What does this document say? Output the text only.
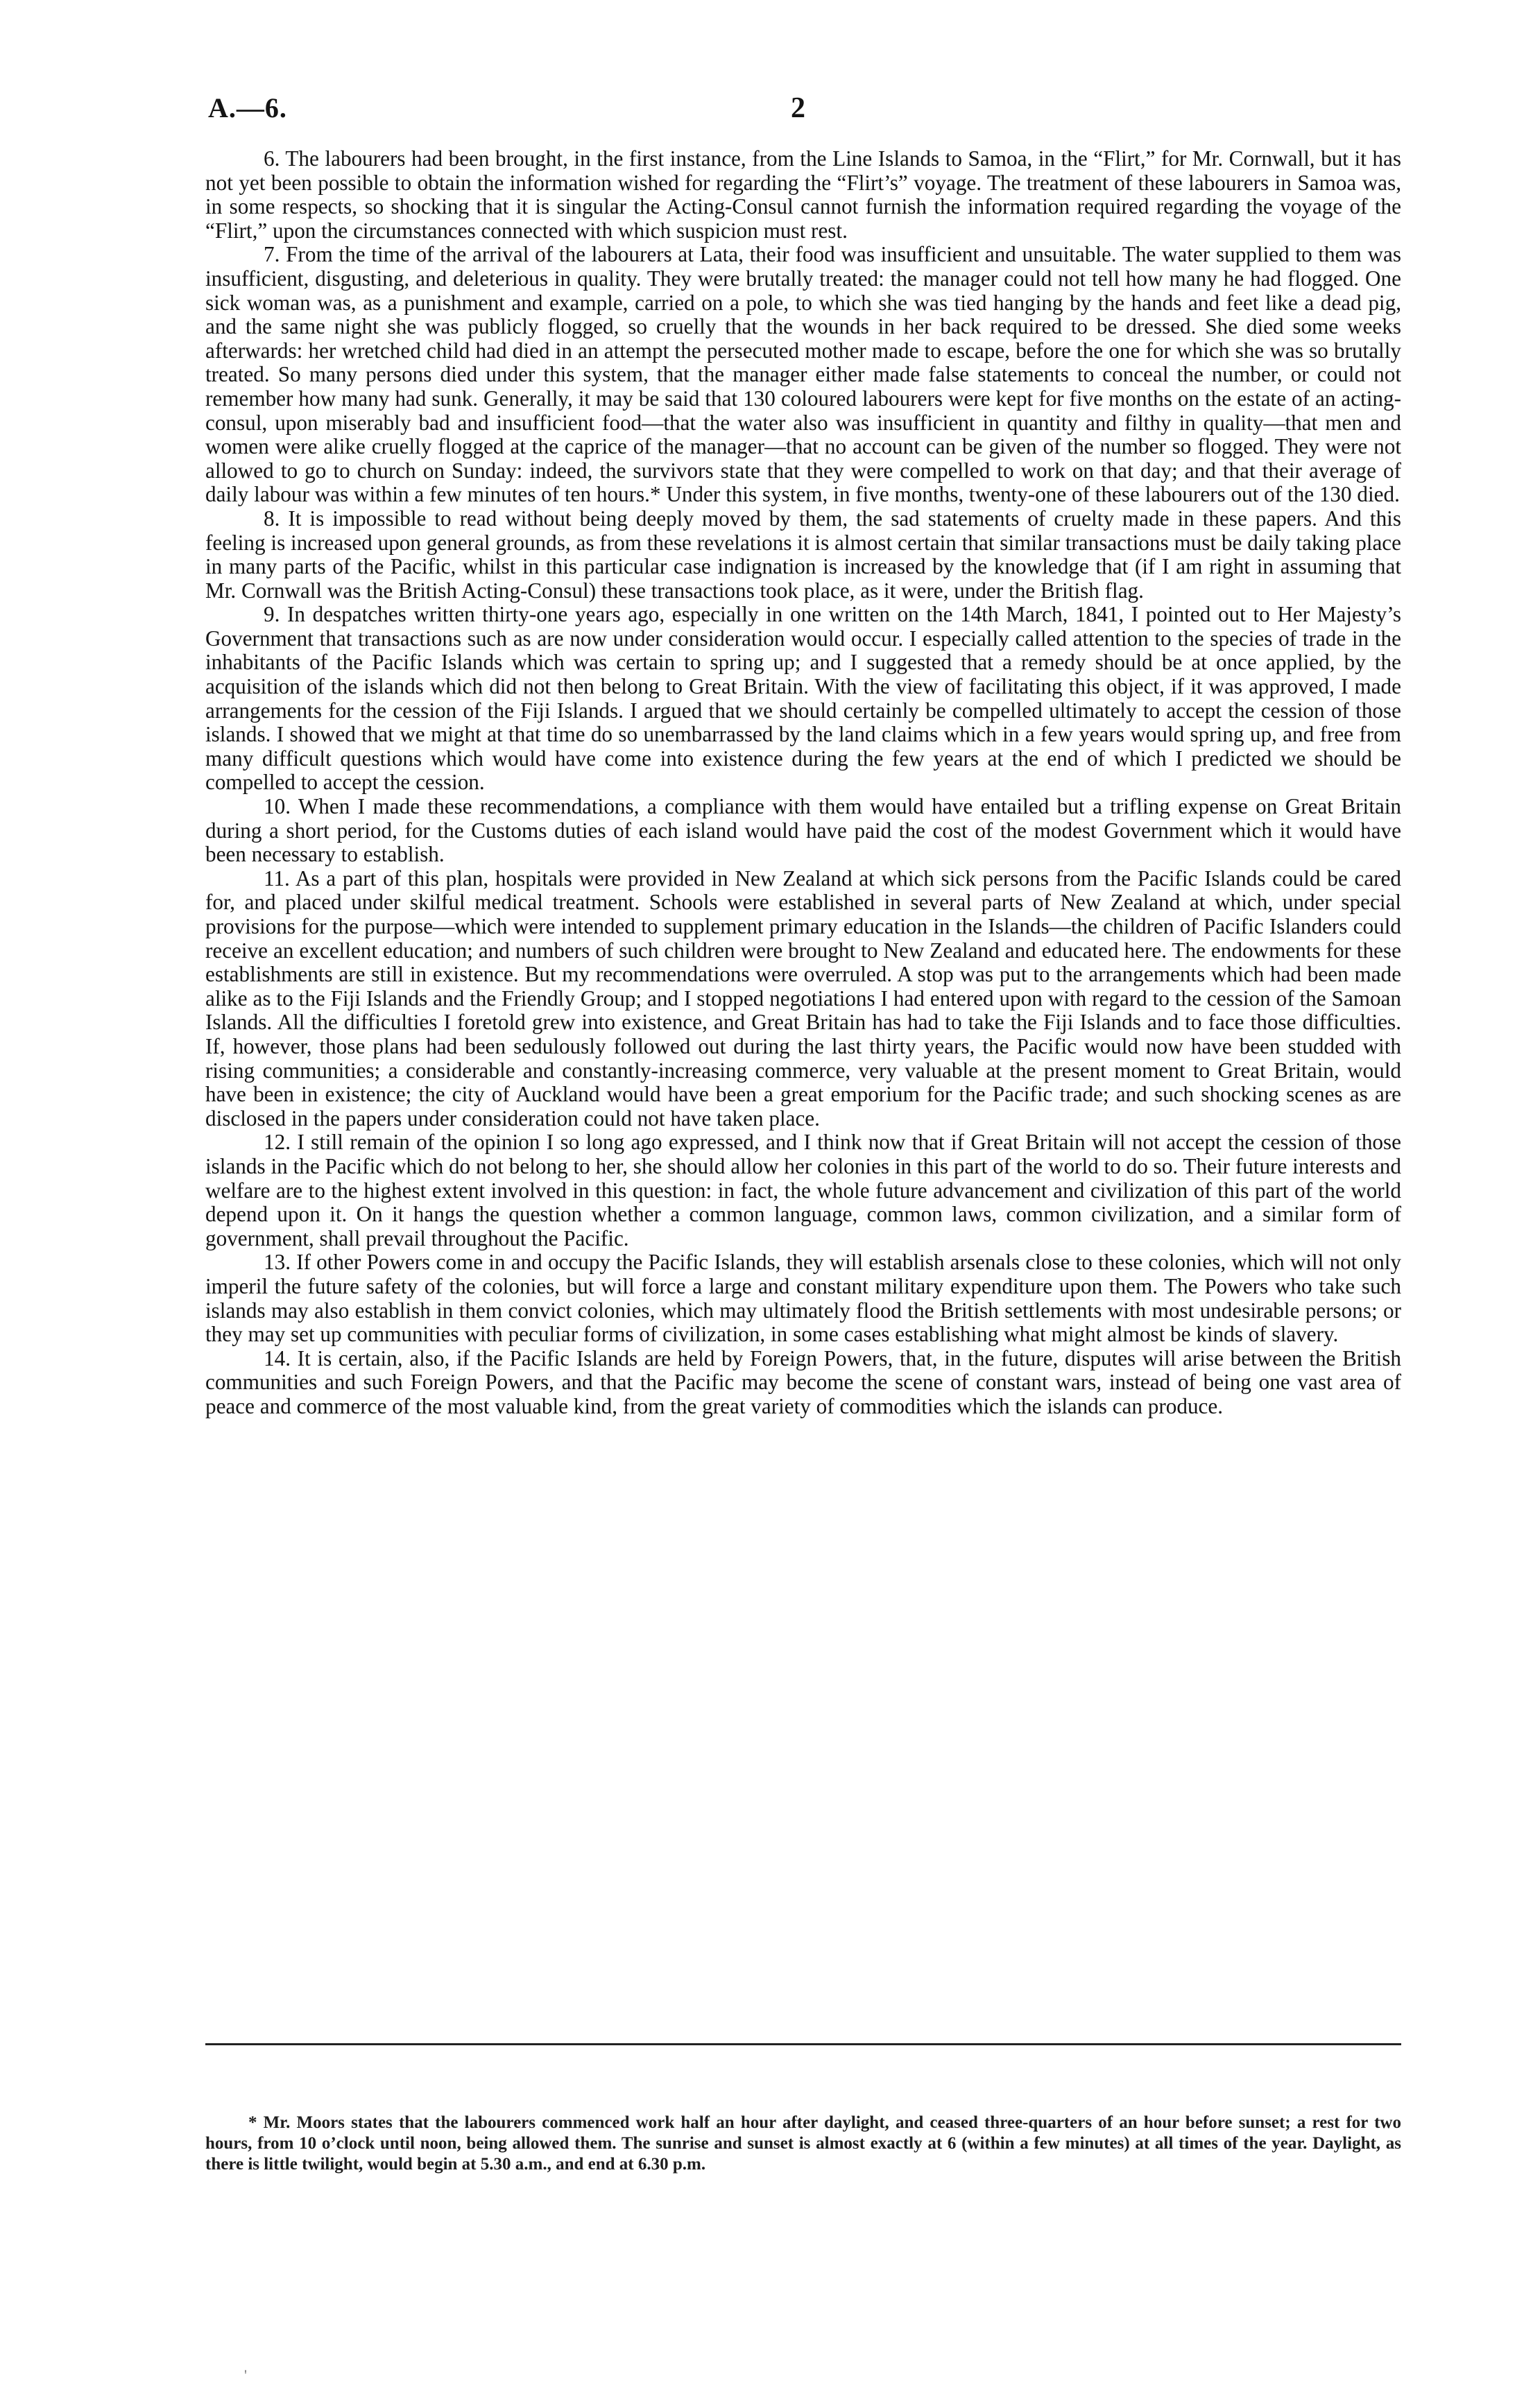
A.—6.	2

6. The labourers had been brought, in the first instance, from the Line Islands to Samoa, in the “Flirt,” for Mr. Cornwall, but it has not yet been possible to obtain the information wished for regarding the “Flirt’s” voyage. The treatment of these labourers in Samoa was, in some respects, so shocking that it is singular the Acting-Consul cannot furnish the information required regarding the voyage of the “Flirt,” upon the circumstances connected with which suspicion must rest.

7. From the time of the arrival of the labourers at Lata, their food was insufficient and unsuitable. The water supplied to them was insufficient, disgusting, and deleterious in quality. They were brutally treated: the manager could not tell how many he had flogged. One sick woman was, as a punishment and example, carried on a pole, to which she was tied hanging by the hands and feet like a dead pig, and the same night she was publicly flogged, so cruelly that the wounds in her back required to be dressed. She died some weeks afterwards: her wretched child had died in an attempt the persecuted mother made to escape, before the one for which she was so brutally treated. So many persons died under this system, that the manager either made false statements to conceal the number, or could not remember how many had sunk. Generally, it may be said that 130 coloured labourers were kept for five months on the estate of an acting-consul, upon miserably bad and insufficient food—that the water also was insufficient in quantity and filthy in quality—that men and women were alike cruelly flogged at the caprice of the manager—that no account can be given of the number so flogged. They were not allowed to go to church on Sunday: indeed, the survivors state that they were compelled to work on that day; and that their average of daily labour was within a few minutes of ten hours.* Under this system, in five months, twenty-one of these labourers out of the 130 died.

8. It is impossible to read without being deeply moved by them, the sad statements of cruelty made in these papers. And this feeling is increased upon general grounds, as from these revelations it is almost certain that similar transactions must be daily taking place in many parts of the Pacific, whilst in this particular case indignation is increased by the knowledge that (if I am right in assuming that Mr. Cornwall was the British Acting-Consul) these transactions took place, as it were, under the British flag.

9. In despatches written thirty-one years ago, especially in one written on the 14th March, 1841, I pointed out to Her Majesty’s Government that transactions such as are now under consideration would occur. I especially called attention to the species of trade in the inhabitants of the Pacific Islands which was certain to spring up; and I suggested that a remedy should be at once applied, by the acquisition of the islands which did not then belong to Great Britain. With the view of facilitating this object, if it was approved, I made arrangements for the cession of the Fiji Islands. I argued that we should certainly be compelled ultimately to accept the cession of those islands. I showed that we might at that time do so unembarrassed by the land claims which in a few years would spring up, and free from many difficult questions which would have come into existence during the few years at the end of which I predicted we should be compelled to accept the cession.

10. When I made these recommendations, a compliance with them would have entailed but a trifling expense on Great Britain during a short period, for the Customs duties of each island would have paid the cost of the modest Government which it would have been necessary to establish.

11. As a part of this plan, hospitals were provided in New Zealand at which sick persons from the Pacific Islands could be cared for, and placed under skilful medical treatment. Schools were established in several parts of New Zealand at which, under special provisions for the purpose—which were intended to supplement primary education in the Islands—the children of Pacific Islanders could receive an excellent education; and numbers of such children were brought to New Zealand and educated here. The endowments for these establishments are still in existence. But my recommendations were overruled. A stop was put to the arrangements which had been made alike as to the Fiji Islands and the Friendly Group; and I stopped negotiations I had entered upon with regard to the cession of the Samoan Islands. All the difficulties I foretold grew into existence, and Great Britain has had to take the Fiji Islands and to face those difficulties. If, however, those plans had been sedulously followed out during the last thirty years, the Pacific would now have been studded with rising communities; a considerable and constantly-increasing commerce, very valuable at the present moment to Great Britain, would have been in existence; the city of Auckland would have been a great emporium for the Pacific trade; and such shocking scenes as are disclosed in the papers under consideration could not have taken place.

12. I still remain of the opinion I so long ago expressed, and I think now that if Great Britain will not accept the cession of those islands in the Pacific which do not belong to her, she should allow her colonies in this part of the world to do so. Their future interests and welfare are to the highest extent involved in this question: in fact, the whole future advancement and civilization of this part of the world depend upon it. On it hangs the question whether a common language, common laws, common civilization, and a similar form of government, shall prevail throughout the Pacific.

13. If other Powers come in and occupy the Pacific Islands, they will establish arsenals close to these colonies, which will not only imperil the future safety of the colonies, but will force a large and constant military expenditure upon them. The Powers who take such islands may also establish in them convict colonies, which may ultimately flood the British settlements with most undesirable persons; or they may set up communities with peculiar forms of civilization, in some cases establishing what might almost be kinds of slavery.

14. It is certain, also, if the Pacific Islands are held by Foreign Powers, that, in the future, disputes will arise between the British communities and such Foreign Powers, and that the Pacific may become the scene of constant wars, instead of being one vast area of peace and commerce of the most valuable kind, from the great variety of commodities which the islands can produce.

* Mr. Moors states that the labourers commenced work half an hour after daylight, and ceased three-quarters of an hour before sunset; a rest for two hours, from 10 o’clock until noon, being allowed them. The sunrise and sunset is almost exactly at 6 (within a few minutes) at all times of the year. Daylight, as there is little twilight, would begin at 5.30 a.m., and end at 6.30 p.m.

'
